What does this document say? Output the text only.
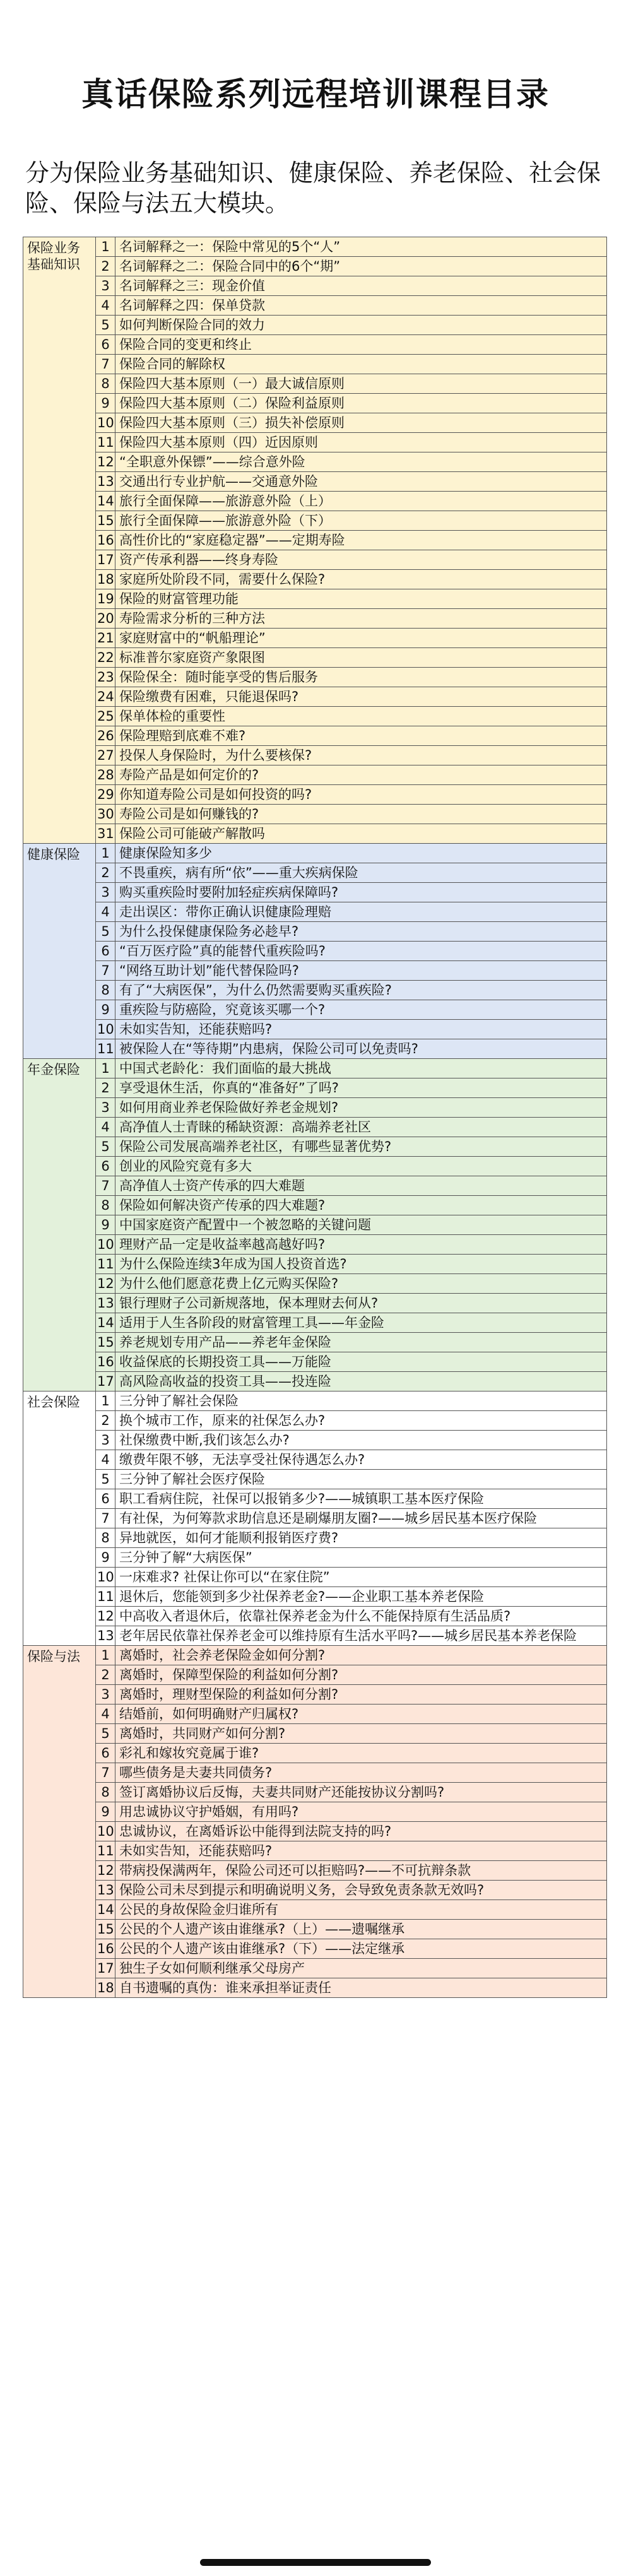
真话保险系列远程培训课程目录
分为保险业务基础知识、健康保险、养老保险、社会保险、保险与法五大模块。
保险业务基础知识	1	名词解释之一：保险中常见的5个“人”
	2	名词解释之二：保险合同中的6个“期”
	3	名词解释之三：现金价值
	4	名词解释之四：保单贷款
	5	如何判断保险合同的效力
	6	保险合同的变更和终止
	7	保险合同的解除权
	8	保险四大基本原则（一）最大诚信原则
	9	保险四大基本原则（二）保险利益原则
	10	保险四大基本原则（三）损失补偿原则
	11	保险四大基本原则（四）近因原则
	12	“全职意外保镖”——综合意外险
	13	交通出行专业护航——交通意外险
	14	旅行全面保障——旅游意外险（上）
	15	旅行全面保障——旅游意外险（下）
	16	高性价比的“家庭稳定器”——定期寿险
	17	资产传承利器——终身寿险
	18	家庭所处阶段不同，需要什么保险?
	19	保险的财富管理功能
	20	寿险需求分析的三种方法
	21	家庭财富中的“帆船理论”
	22	标准普尔家庭资产象限图
	23	保险保全：随时能享受的售后服务
	24	保险缴费有困难，只能退保吗?
	25	保单体检的重要性
	26	保险理赔到底难不难?
	27	投保人身保险时，为什么要核保?
	28	寿险产品是如何定价的?
	29	你知道寿险公司是如何投资的吗?
	30	寿险公司是如何赚钱的?
	31	保险公司可能破产解散吗
健康保险	1	健康保险知多少
	2	不畏重疾，病有所“依”——重大疾病保险
	3	购买重疾险时要附加轻症疾病保障吗?
	4	走出误区：带你正确认识健康险理赔
	5	为什么投保健康保险务必趁早?
	6	“百万医疗险”真的能替代重疾险吗?
	7	“网络互助计划”能代替保险吗?
	8	有了“大病医保”，为什么仍然需要购买重疾险?
	9	重疾险与防癌险，究竟该买哪一个?
	10	未如实告知，还能获赔吗?
	11	被保险人在“等待期”内患病，保险公司可以免责吗?
年金保险	1	中国式老龄化：我们面临的最大挑战
	2	享受退休生活，你真的“准备好”了吗?
	3	如何用商业养老保险做好养老金规划?
	4	高净值人士青睐的稀缺资源：高端养老社区
	5	保险公司发展高端养老社区，有哪些显著优势?
	6	创业的风险究竟有多大
	7	高净值人士资产传承的四大难题
	8	保险如何解决资产传承的四大难题?
	9	中国家庭资产配置中一个被忽略的关键问题
	10	理财产品一定是收益率越高越好吗?
	11	为什么保险连续3年成为国人投资首选?
	12	为什么他们愿意花费上亿元购买保险?
	13	银行理财子公司新规落地，保本理财去何从?
	14	适用于人生各阶段的财富管理工具——年金险
	15	养老规划专用产品——养老年金保险
	16	收益保底的长期投资工具——万能险
	17	高风险高收益的投资工具——投连险
社会保险	1	三分钟了解社会保险
	2	换个城市工作，原来的社保怎么办?
	3	社保缴费中断,我们该怎么办?
	4	缴费年限不够，无法享受社保待遇怎么办?
	5	三分钟了解社会医疗保险
	6	职工看病住院，社保可以报销多少?——城镇职工基本医疗保险
	7	有社保，为何筹款求助信息还是刷爆朋友圈?——城乡居民基本医疗保险
	8	异地就医，如何才能顺利报销医疗费?
	9	三分钟了解“大病医保”
	10	一床难求? 社保让你可以“在家住院”
	11	退休后，您能领到多少社保养老金?——企业职工基本养老保险
	12	中高收入者退休后，依靠社保养老金为什么不能保持原有生活品质?
	13	老年居民依靠社保养老金可以维持原有生活水平吗?——城乡居民基本养老保险
保险与法	1	离婚时，社会养老保险金如何分割?
	2	离婚时，保障型保险的利益如何分割?
	3	离婚时，理财型保险的利益如何分割?
	4	结婚前，如何明确财产归属权?
	5	离婚时，共同财产如何分割?
	6	彩礼和嫁妆究竟属于谁?
	7	哪些债务是夫妻共同债务?
	8	签订离婚协议后反悔，夫妻共同财产还能按协议分割吗?
	9	用忠诚协议守护婚姻，有用吗?
	10	忠诚协议，在离婚诉讼中能得到法院支持的吗?
	11	未如实告知，还能获赔吗?
	12	带病投保满两年，保险公司还可以拒赔吗?——不可抗辩条款
	13	保险公司未尽到提示和明确说明义务，会导致免责条款无效吗?
	14	公民的身故保险金归谁所有
	15	公民的个人遗产该由谁继承?（上）——遗嘱继承
	16	公民的个人遗产该由谁继承?（下）——法定继承
	17	独生子女如何顺利继承父母房产
	18	自书遗嘱的真伪：谁来承担举证责任
